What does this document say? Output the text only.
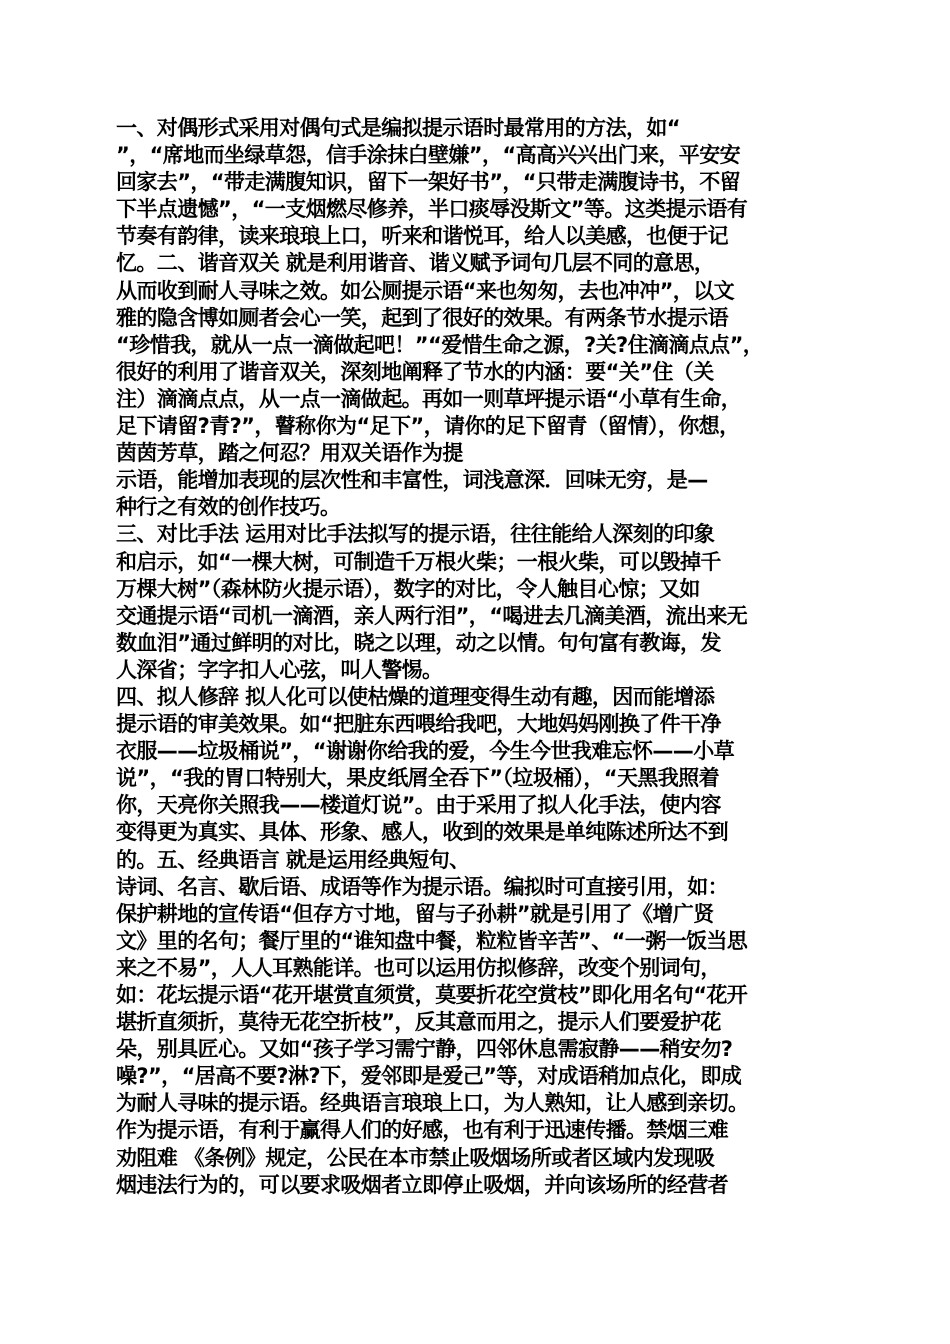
一、对偶形式采用对偶句式是编拟提示语时最常用的方法，如“
”，“席地而坐绿草怨，信手涂抹白壁嫌”，“高高兴兴出门来，平安安
回家去”，“带走满腹知识，留下一架好书”，“只带走满腹诗书，不留
下半点遗憾”，“一支烟燃尽修养，半口痰辱没斯文”等。这类提示语有
节奏有韵律，读来琅琅上口，听来和谐悦耳，给人以美感，也便于记
忆。二、谐音双关 就是利用谐音、谐义赋予词句几层不同的意思，
从而收到耐人寻味之效。如公厕提示语“来也匆匆，去也冲冲”，以文
雅的隐含博如厕者会心一笑，起到了很好的效果。有两条节水提示语
“珍惜我，就从一点一滴做起吧！”“爱惜生命之源，?关?住滴滴点点”，
很好的利用了谐音双关，深刻地阐释了节水的内涵：要“关”住（关
注）滴滴点点，从一点一滴做起。再如一则草坪提示语“小草有生命，
足下请留?青?”，瞽称你为“足下”，请你的足下留青（留情），你想，
茵茵芳草，踏之何忍？用双关语作为提
示语，能增加表现的层次性和丰富性，词浅意深．回味无穷，是—
种行之有效的创作技巧。
三、对比手法 运用对比手法拟写的提示语，往往能给人深刻的印象
和启示，如“一棵大树，可制造千万根火柴；一根火柴，可以毁掉千
万棵大树”（森林防火提示语），数字的对比，令人触目心惊；又如
交通提示语“司机一滴酒，亲人两行泪”，“喝进去几滴美酒，流出来无
数血泪”通过鲜明的对比，晓之以理，动之以情。句句富有教诲，发
人深省；字字扣人心弦，叫人警惕。
四、拟人修辞 拟人化可以使枯燥的道理变得生动有趣，因而能增添
提示语的审美效果。如“把脏东西喂给我吧，大地妈妈刚换了件干净
衣服——垃圾桶说”，“谢谢你给我的爱，今生今世我难忘怀——小草
说”，“我的胃口特别大，果皮纸屑全吞下”（垃圾桶），“天黑我照着
你，天亮你关照我——楼道灯说”。由于采用了拟人化手法，使内容
变得更为真实、具体、形象、感人，收到的效果是单纯陈述所达不到
的。五、经典语言 就是运用经典短句、
诗词、名言、歇后语、成语等作为提示语。编拟时可直接引用，如：
保护耕地的宣传语“但存方寸地，留与子孙耕”就是引用了《增广贤
文》里的名句；餐厅里的“谁知盘中餐，粒粒皆辛苦”、“一粥一饭当思
来之不易”，人人耳熟能详。也可以运用仿拟修辞，改变个别词句，
如：花坛提示语“花开堪赏直须赏，莫要折花空赏枝”即化用名句“花开
堪折直须折，莫待无花空折枝”，反其意而用之，提示人们要爱护花
朵，别具匠心。又如“孩子学习需宁静，四邻休息需寂静——稍安勿?
噪?”，“居高不要?淋?下，爱邻即是爱己”等，对成语稍加点化，即成
为耐人寻味的提示语。经典语言琅琅上口，为人熟知，让人感到亲切。
作为提示语，有利于赢得人们的好感，也有利于迅速传播。禁烟三难
劝阻难 《条例》规定，公民在本市禁止吸烟场所或者区域内发现吸
烟违法行为的，可以要求吸烟者立即停止吸烟，并向该场所的经营者
